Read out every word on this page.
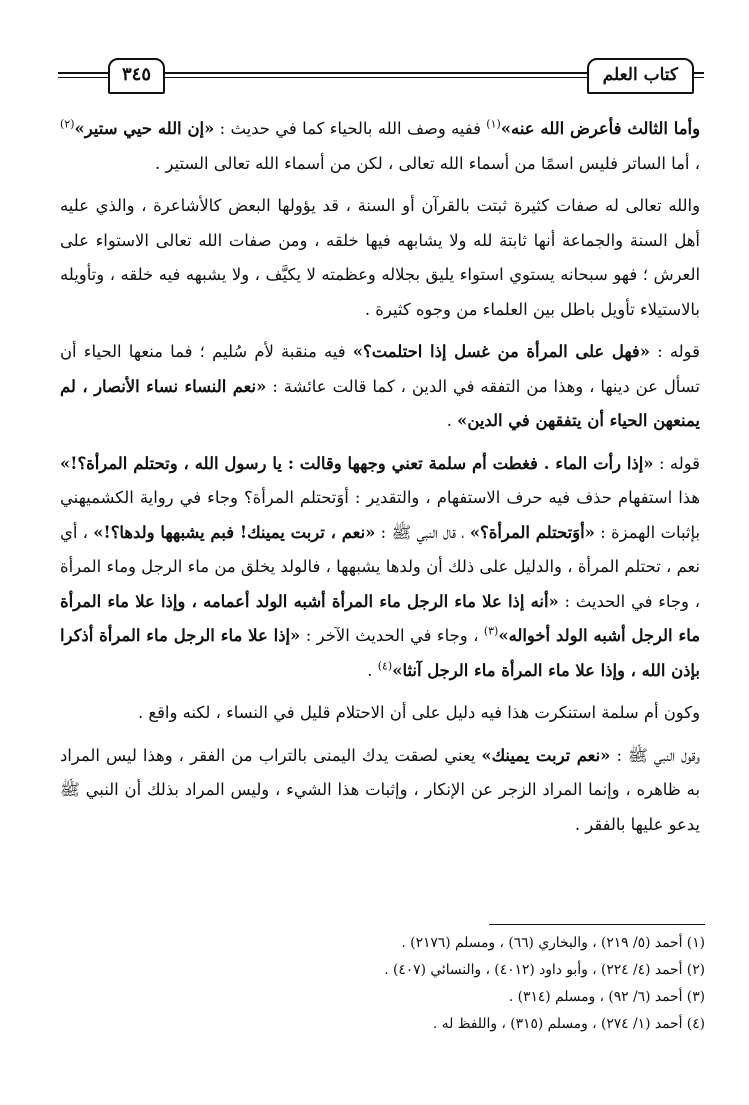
كتاب العلم
٣٤٥

وأما الثالث فأعرض الله عنه»$^{(١)}$ ففيه وصف الله بالحياء كما في حديث : «إن الله حيي ستير»$^{(٢)}$ ، أما الساتر فليس اسمًا من أسماء الله تعالى ، لكن من أسماء الله تعالى الستير .

والله تعالى له صفات كثيرة ثبتت بالقرآن أو السنة ، قد يؤولها البعض كالأشاعرة ، والذي عليه أهل السنة والجماعة أنها ثابتة لله ولا يشابهه فيها خلقه ، ومن صفات الله تعالى الاستواء على العرش ؛ فهو سبحانه يستوي استواء يليق بجلاله وعظمته لا يكيَّف ، ولا يشبهه فيه خلقه ، وتأويله بالاستيلاء تأويل باطل بين العلماء من وجوه كثيرة .

قوله : «فهل على المرأة من غسل إذا احتلمت؟» فيه منقبة لأم سُليم ؛ فما منعها الحياء أن تسأل عن دينها ، وهذا من التفقه في الدين ، كما قالت عائشة : «نعم النساء نساء الأنصار ، لم يمنعهن الحياء أن يتفقهن في الدين» .

قوله : «إذا رأت الماء . فغطت أم سلمة تعني وجهها وقالت : يا رسول الله ، وتحتلم المرأة؟!» هذا استفهام حذف فيه حرف الاستفهام ، والتقدير : أوَتحتلم المرأة؟ وجاء في رواية الكشميهني بإثبات الهمزة : «أوَتحتلم المرأة؟» ، قال النبي ﷺ : «نعم ، تربت يمينك! فبم يشبهها ولدها؟!» ، أي نعم ، تحتلم المرأة ، والدليل على ذلك أن ولدها يشبهها ، فالولد يخلق من ماء الرجل وماء المرأة ، وجاء في الحديث : «أنه إذا علا ماء الرجل ماء المرأة أشبه الولد أعمامه ، وإذا علا ماء المرأة ماء الرجل أشبه الولد أخواله»$^{(٣)}$ ، وجاء في الحديث الآخر : «إذا علا ماء الرجل ماء المرأة أذكرا بإذن الله ، وإذا علا ماء المرأة ماء الرجل آنثا»$^{(٤)}$ .

وكون أم سلمة استنكرت هذا فيه دليل على أن الاحتلام قليل في النساء ، لكنه واقع .

وقول النبي ﷺ : «نعم تربت يمينك» يعني لصقت يدك اليمنى بالتراب من الفقر ، وهذا ليس المراد به ظاهره ، وإنما المراد الزجر عن الإنكار ، وإثبات هذا الشيء ، وليس المراد بذلك أن النبي ﷺ يدعو عليها بالفقر .

(١) أحمد (٥/ ٢١٩) ، والبخاري (٦٦) ، ومسلم (٢١٧٦) .

(٢) أحمد (٤/ ٢٢٤) ، وأبو داود (٤٠١٢) ، والنسائي (٤٠٧) .

(٣) أحمد (٦/ ٩٢) ، ومسلم (٣١٤) .

(٤) أحمد (١/ ٢٧٤) ، ومسلم (٣١٥) ، واللفظ له .
